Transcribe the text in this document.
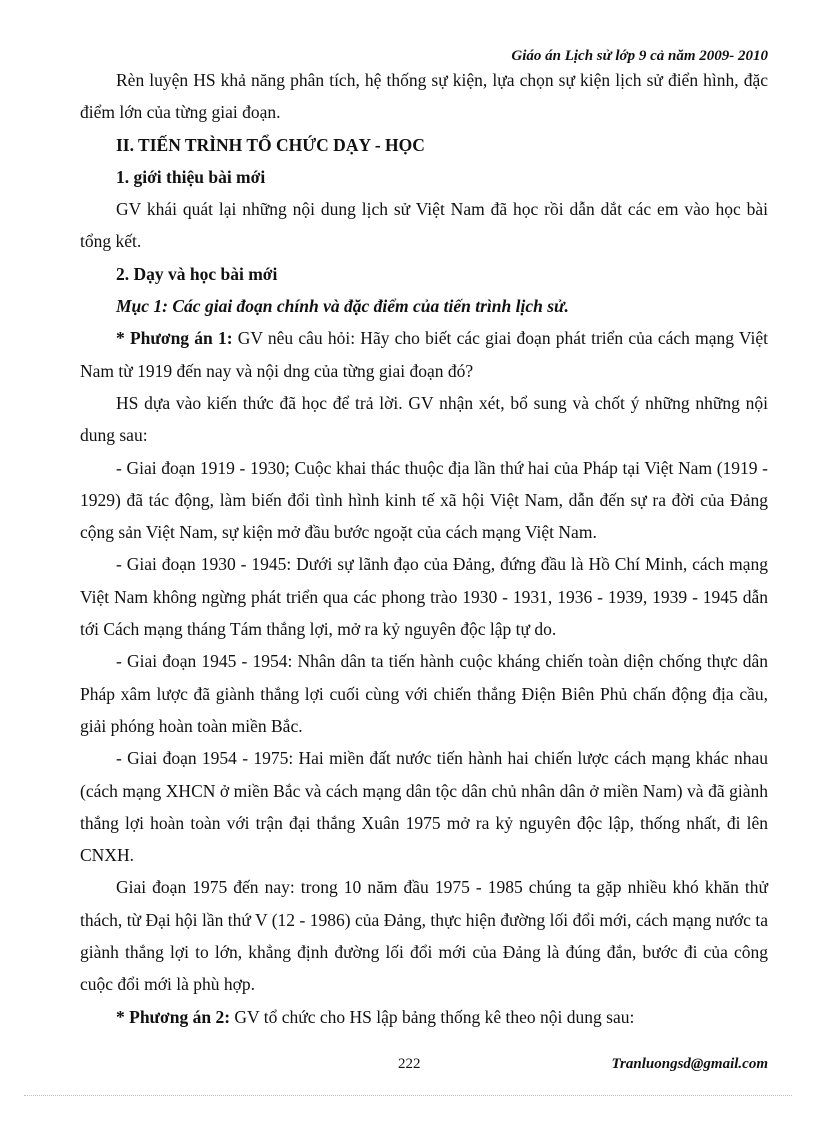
Giáo án Lịch sử lớp 9 cả năm 2009- 2010

Rèn luyện HS khả năng phân tích, hệ thống sự kiện, lựa chọn sự kiện lịch sử điển hình, đặc điểm lớn của từng giai đoạn.

II. TIẾN TRÌNH TỔ CHỨC DẠY - HỌC

1. giới thiệu bài mới

GV khái quát lại những nội dung lịch sử Việt Nam đã học rồi dẫn dắt các em vào học bài tổng kết.

2. Dạy và học bài mới

Mục 1: Các giai đoạn chính và đặc điểm của tiến trình lịch sử.

* Phương án 1: GV nêu câu hỏi: Hãy cho biết các giai đoạn phát triển của cách mạng Việt Nam từ 1919 đến nay và nội dng của từng giai đoạn đó?

HS dựa vào kiến thức đã học để trả lời. GV nhận xét, bổ sung và chốt ý những những nội dung sau:

- Giai đoạn 1919 - 1930; Cuộc khai thác thuộc địa lần thứ hai của Pháp tại Việt Nam (1919 - 1929) đã tác động, làm biến đổi tình hình kinh tế xã hội Việt Nam, dẫn đến sự ra đời của Đảng cộng sản Việt Nam, sự kiện mở đầu bước ngoặt của cách mạng Việt Nam.

- Giai đoạn 1930 - 1945: Dưới sự lãnh đạo của Đảng, đứng đầu là Hồ Chí Minh, cách mạng Việt Nam không ngừng phát triển qua các phong trào 1930 - 1931, 1936 - 1939, 1939 - 1945 dẫn tới Cách mạng tháng Tám thắng lợi, mở ra kỷ nguyên độc lập tự do.

- Giai đoạn 1945 - 1954: Nhân dân ta tiến hành cuộc kháng chiến toàn diện chống thực dân Pháp xâm lược đã giành thắng lợi cuối cùng với chiến thắng Điện Biên Phủ chấn động địa cầu, giải phóng hoàn toàn miền Bắc.

- Giai đoạn 1954 - 1975: Hai miền đất nước tiến hành hai chiến lược cách mạng khác nhau (cách mạng XHCN ở miền Bắc và cách mạng dân tộc dân chủ nhân dân ở miền Nam) và đã giành thắng lợi hoàn toàn với trận đại thắng Xuân 1975 mở ra kỷ nguyên độc lập, thống nhất, đi lên CNXH.

Giai đoạn 1975 đến nay: trong 10 năm đầu 1975 - 1985 chúng ta gặp nhiều khó khăn thử thách, từ Đại hội lần thứ V (12 - 1986) của Đảng, thực hiện đường lối đổi mới, cách mạng nước ta giành thắng lợi to lớn, khẳng định đường lối đổi mới của Đảng là đúng đắn, bước đi của công cuộc đổi mới là phù hợp.

* Phương án 2: GV tổ chức cho HS lập bảng thống kê theo nội dung sau:

222	Tranluongsd@gmail.com
